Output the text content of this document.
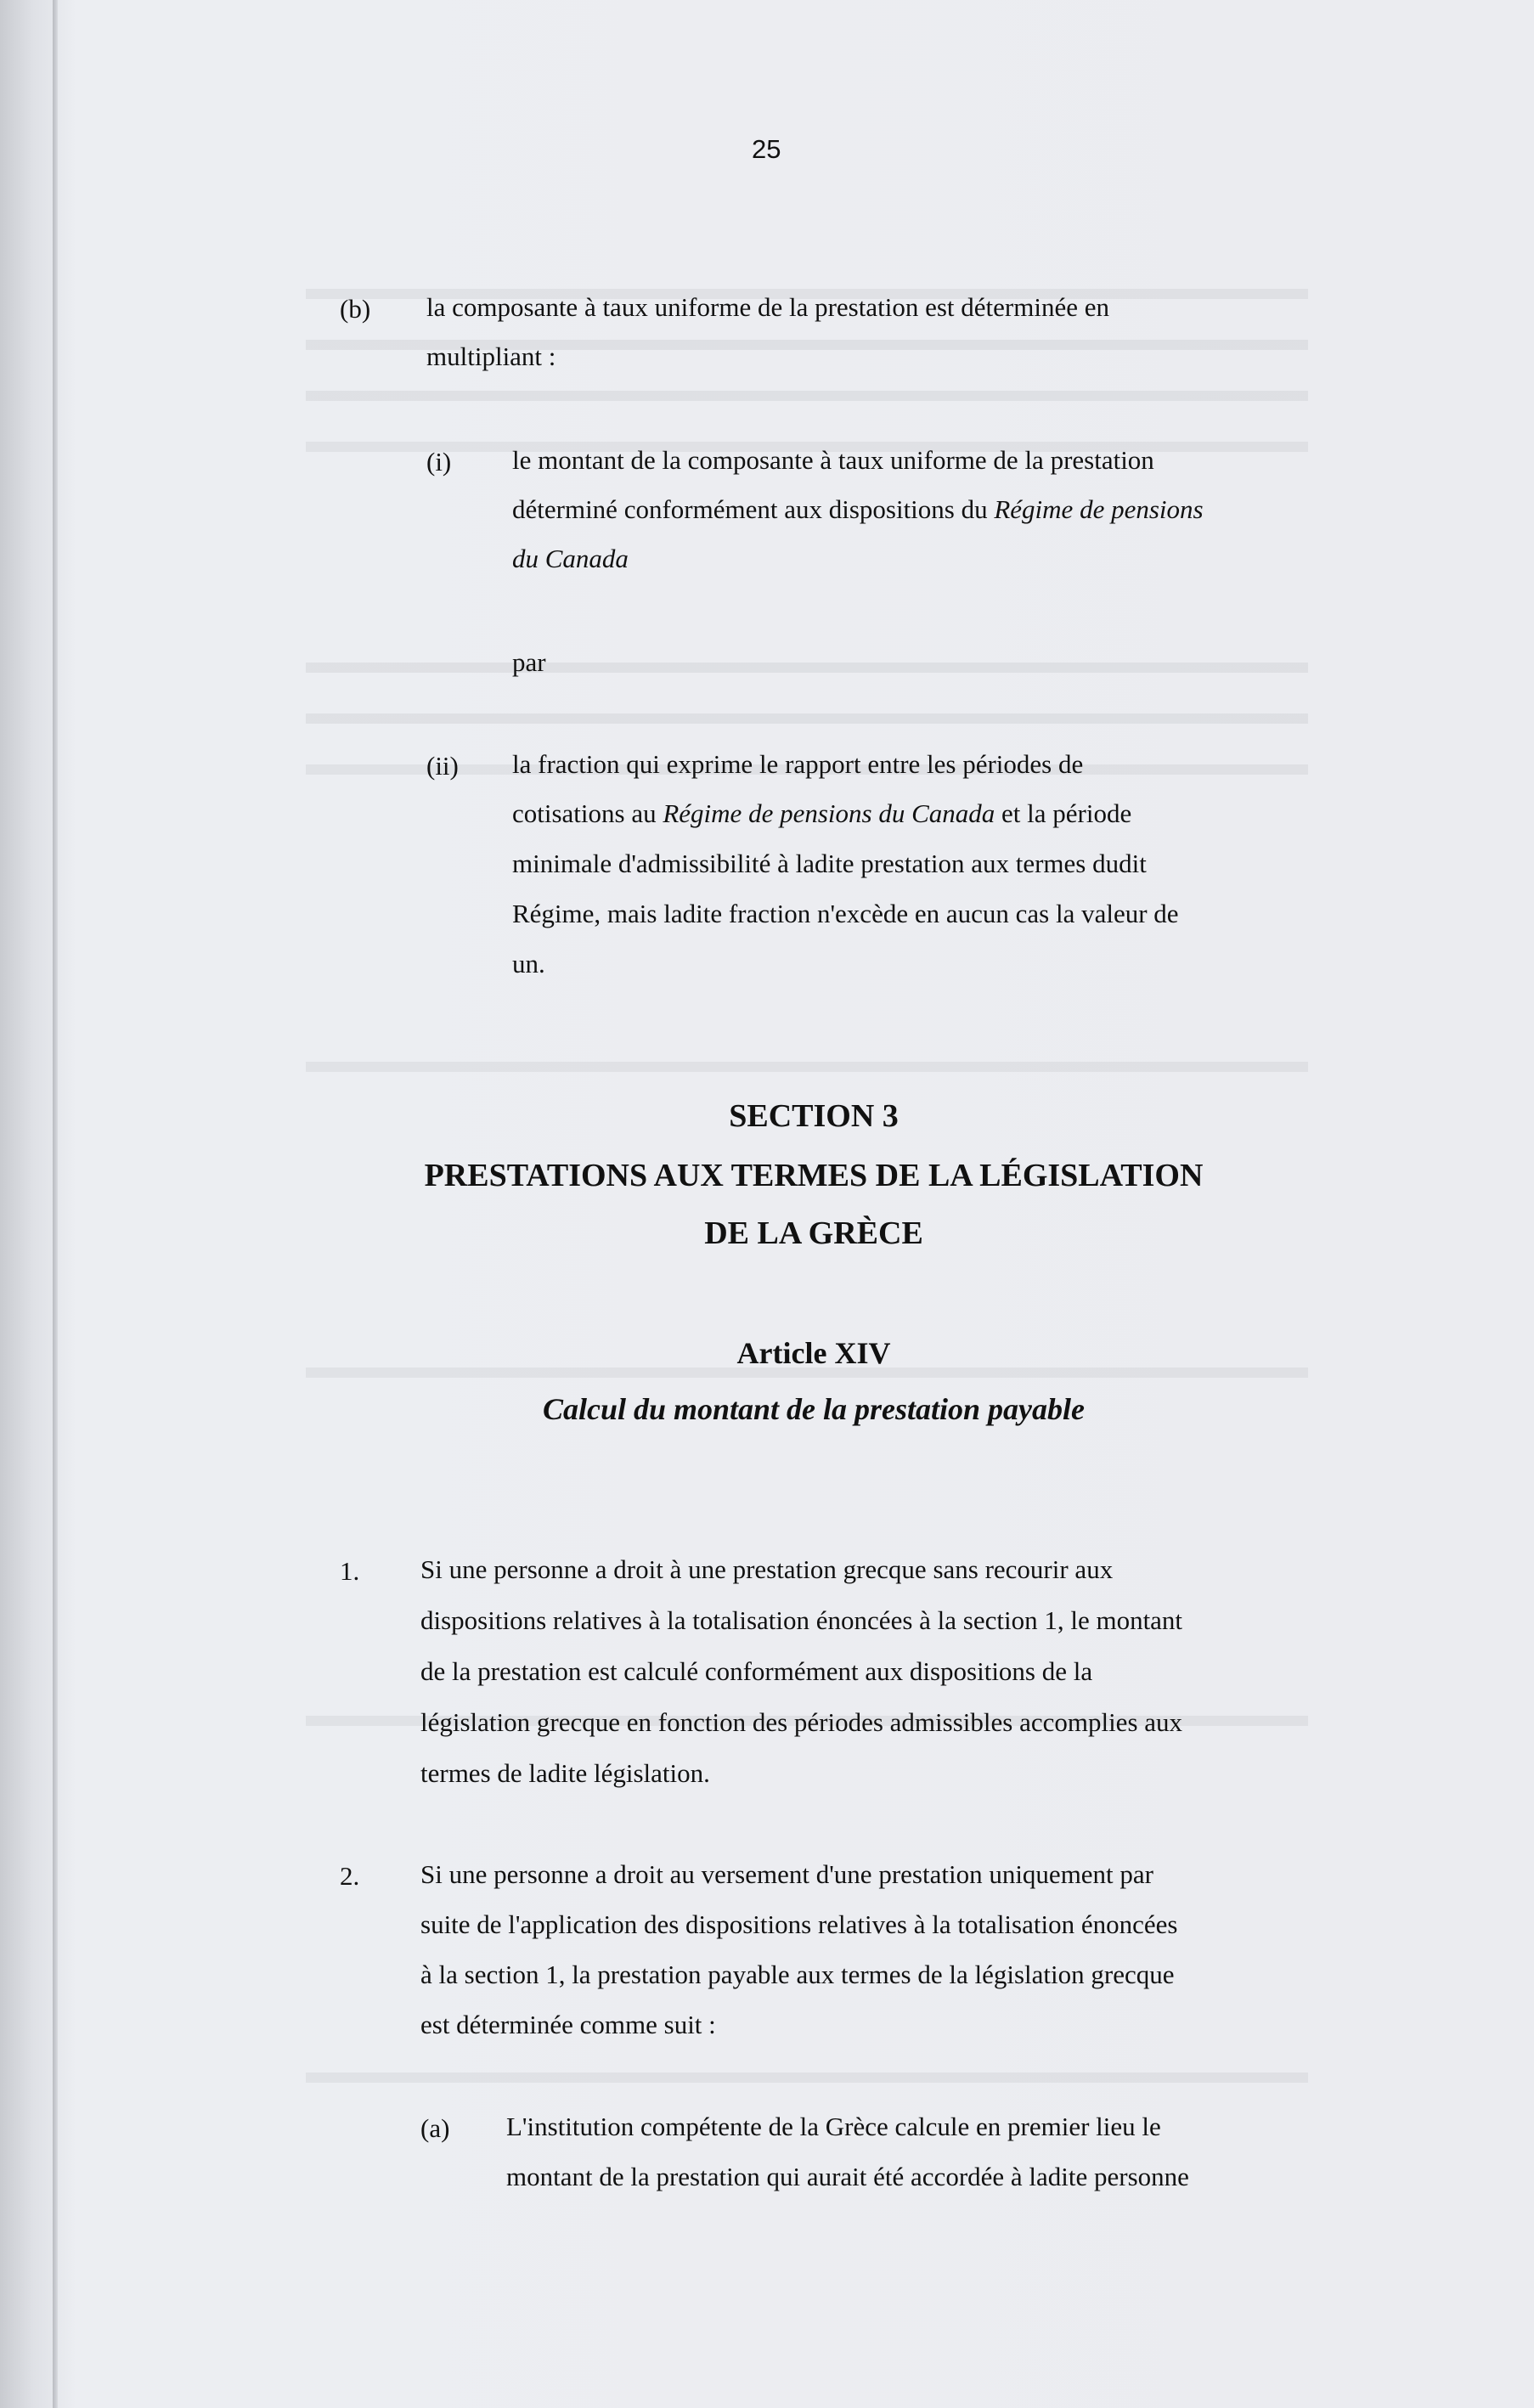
25
(b) la composante à taux uniforme de la prestation est déterminée en
multipliant :
(i) le montant de la composante à taux uniforme de la prestation
déterminé conformément aux dispositions du Régime de pensions
du Canada
par
(ii) la fraction qui exprime le rapport entre les périodes de
cotisations au Régime de pensions du Canada et la période
minimale d'admissibilité à ladite prestation aux termes dudit
Régime, mais ladite fraction n'excède en aucun cas la valeur de
un.
SECTION 3
PRESTATIONS AUX TERMES DE LA LÉGISLATION
DE LA GRÈCE
Article XIV
Calcul du montant de la prestation payable
1. Si une personne a droit à une prestation grecque sans recourir aux
dispositions relatives à la totalisation énoncées à la section 1, le montant
de la prestation est calculé conformément aux dispositions de la
législation grecque en fonction des périodes admissibles accomplies aux
termes de ladite législation.
2. Si une personne a droit au versement d'une prestation uniquement par
suite de l'application des dispositions relatives à la totalisation énoncées
à la section 1, la prestation payable aux termes de la législation grecque
est déterminée comme suit :
(a) L'institution compétente de la Grèce calcule en premier lieu le
montant de la prestation qui aurait été accordée à ladite personne
